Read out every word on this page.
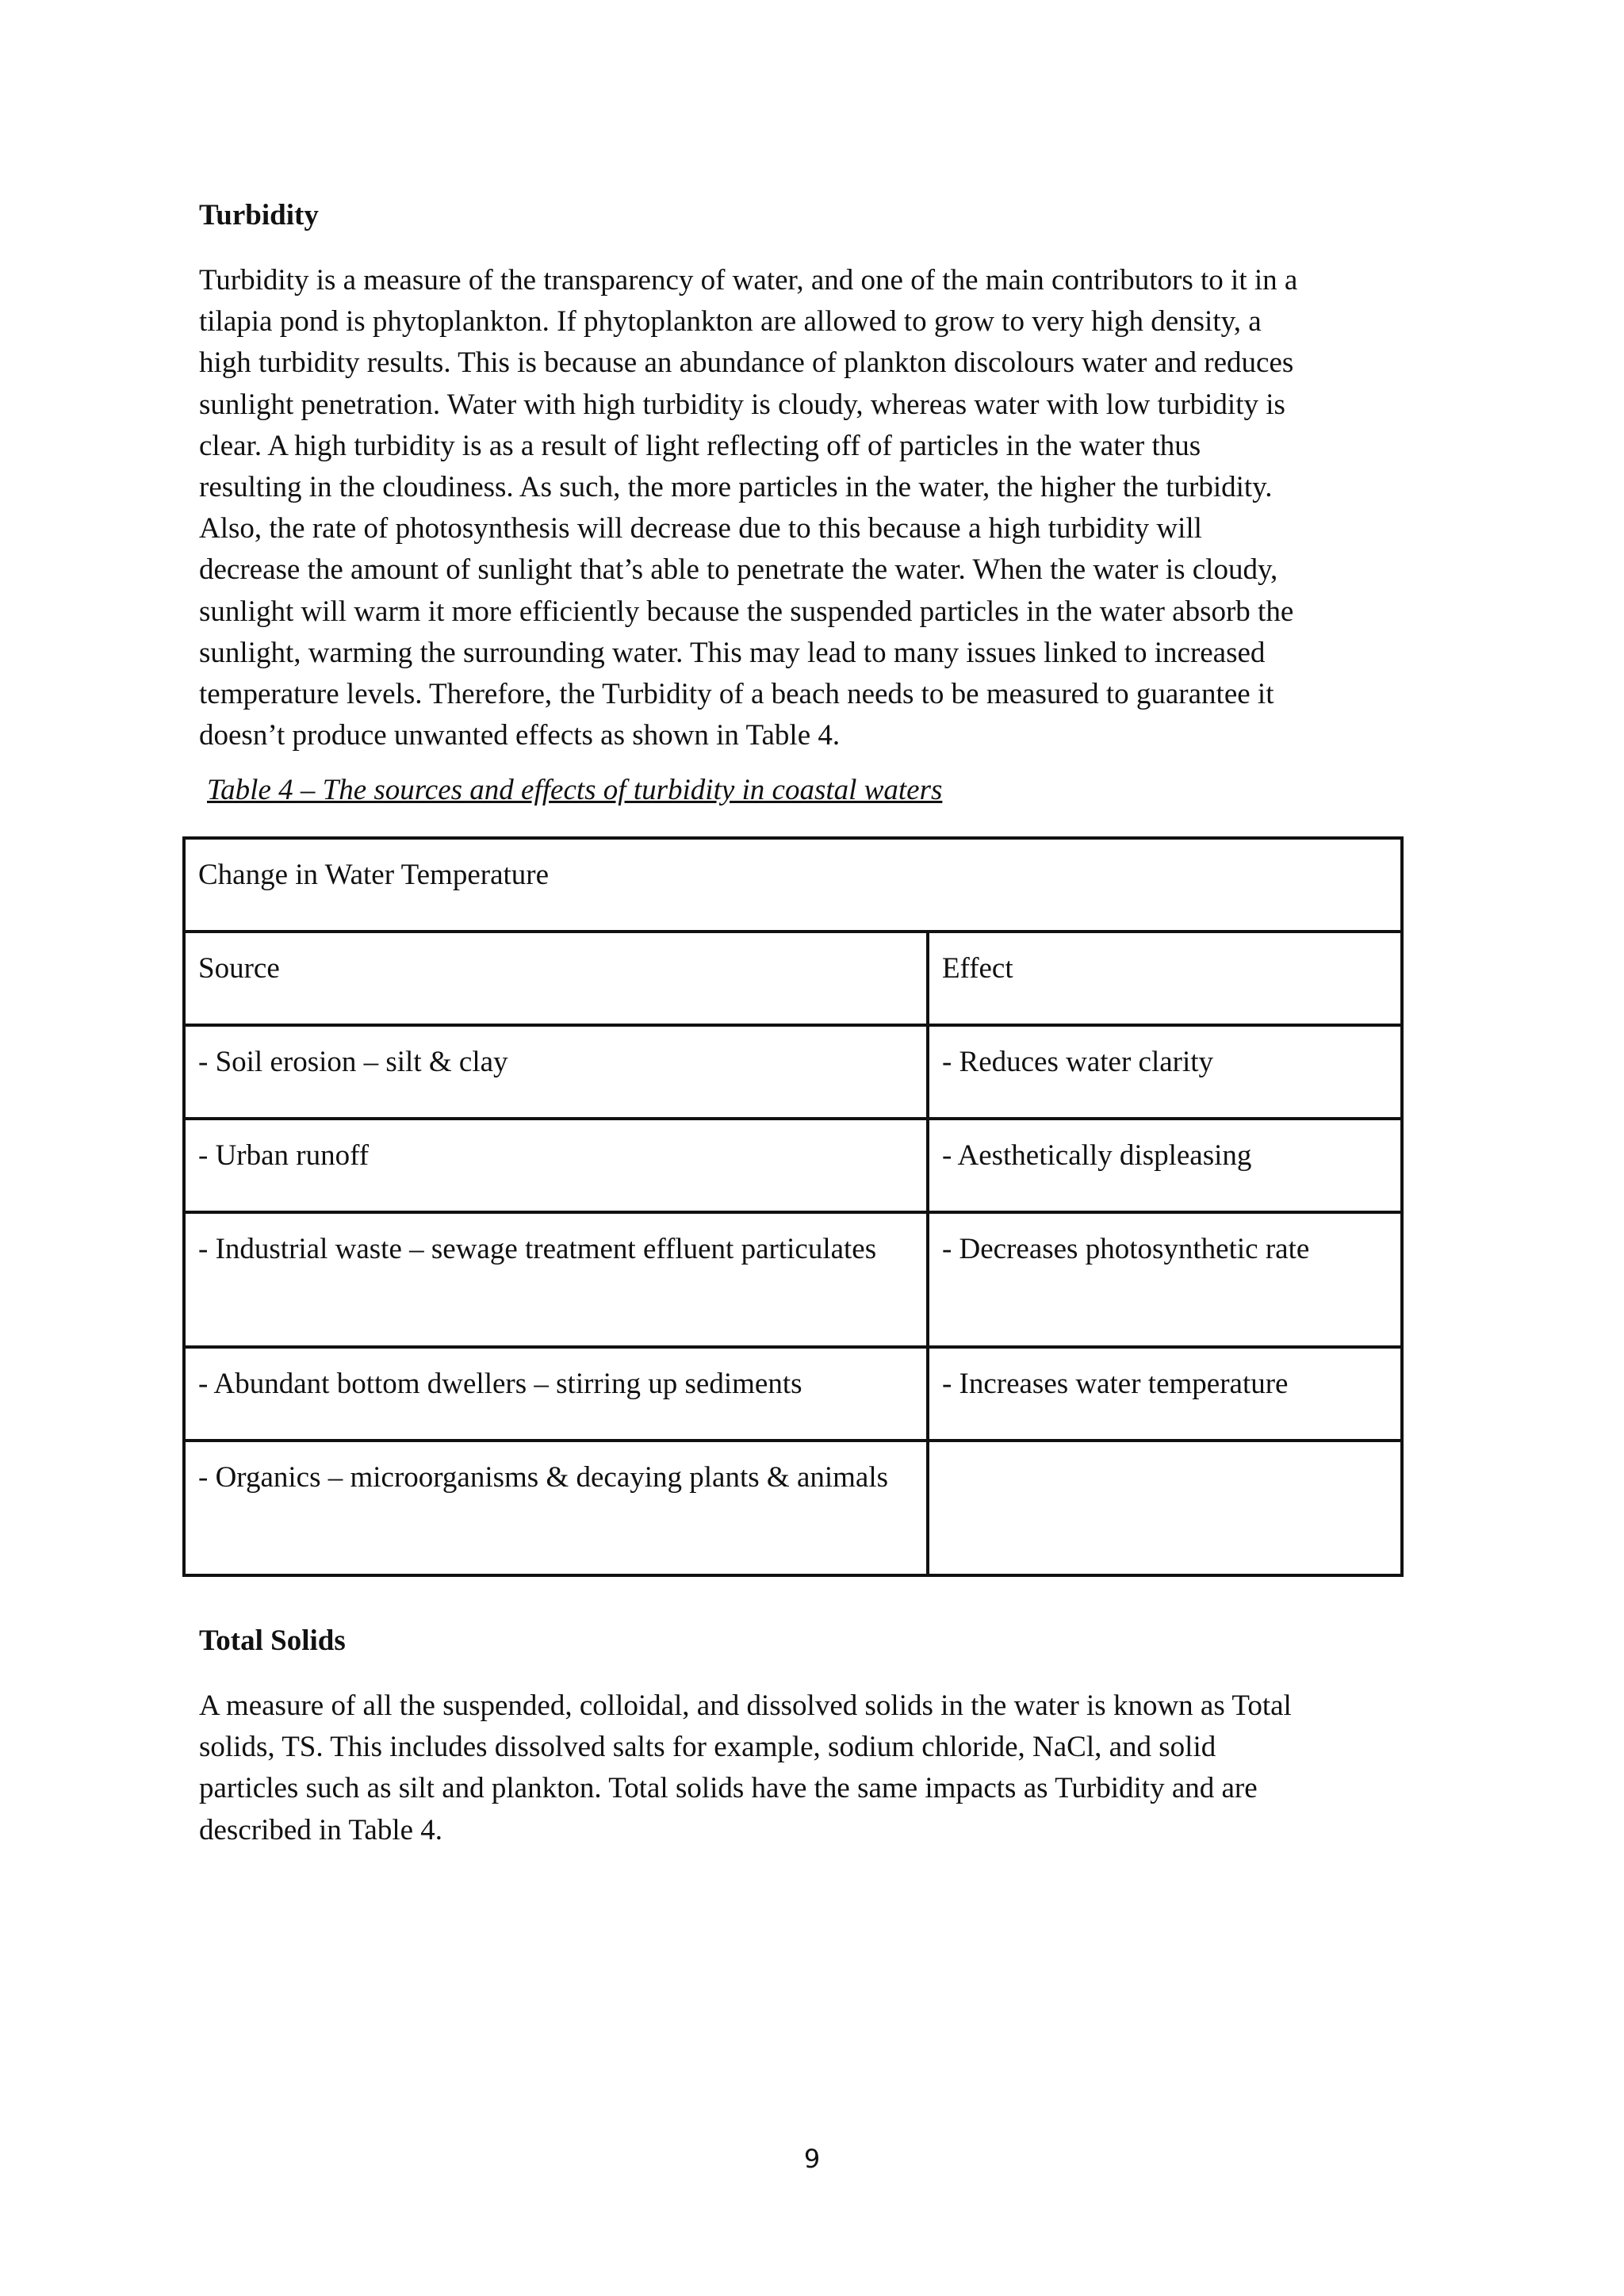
Turbidity

Turbidity is a measure of the transparency of water, and one of the main contributors to it in a
tilapia pond is phytoplankton. If phytoplankton are allowed to grow to very high density, a
high turbidity results. This is because an abundance of plankton discolours water and reduces
sunlight penetration. Water with high turbidity is cloudy, whereas water with low turbidity is
clear. A high turbidity is as a result of light reflecting off of particles in the water thus
resulting in the cloudiness. As such, the more particles in the water, the higher the turbidity.
Also, the rate of photosynthesis will decrease due to this because a high turbidity will
decrease the amount of sunlight that’s able to penetrate the water. When the water is cloudy,
sunlight will warm it more efficiently because the suspended particles in the water absorb the
sunlight, warming the surrounding water. This may lead to many issues linked to increased
temperature levels. Therefore, the Turbidity of a beach needs to be measured to guarantee it
doesn’t produce unwanted effects as shown in Table 4.

Table 4 – The sources and effects of turbidity in coastal waters

Change in Water Temperature	
Source	Effect
- Soil erosion – silt & clay	- Reduces water clarity
- Urban runoff	- Aesthetically displeasing
- Industrial waste – sewage treatment effluent particulates	- Decreases photosynthetic rate
- Abundant bottom dwellers – stirring up sediments	- Increases water temperature
- Organics – microorganisms & decaying plants & animals	
Total Solids

A measure of all the suspended, colloidal, and dissolved solids in the water is known as Total
solids, TS. This includes dissolved salts for example, sodium chloride, NaCl, and solid
particles such as silt and plankton. Total solids have the same impacts as Turbidity and are
described in Table 4.

9
